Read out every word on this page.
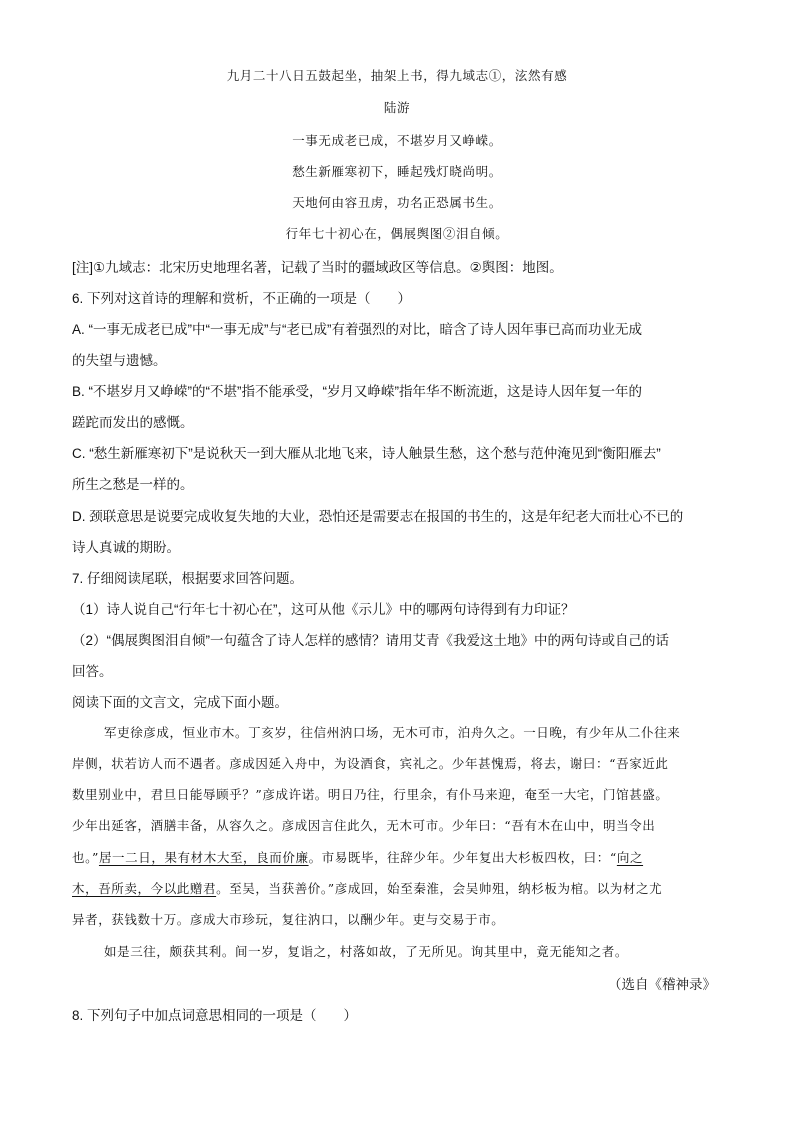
九月二十八日五鼓起坐，抽架上书，得九域志①，泫然有感
陆游
一事无成老已成，不堪岁月又峥嵘。
愁生新雁寒初下，睡起残灯晓尚明。
天地何由容丑虏，功名正恐属书生。
行年七十初心在，偶展舆图②泪自倾。
[注]①九域志：北宋历史地理名著，记载了当时的疆域政区等信息。②舆图：地图。
6. 下列对这首诗的理解和赏析，不正确的一项是（　　）
A. “一事无成老已成”中“一事无成”与“老已成”有着强烈的对比，暗含了诗人因年事已高而功业无成
的失望与遗憾。
B. “不堪岁月又峥嵘”的“不堪”指不能承受，“岁月又峥嵘”指年华不断流逝，这是诗人因年复一年的
蹉跎而发出的感慨。
C. “愁生新雁寒初下”是说秋天一到大雁从北地飞来，诗人触景生愁，这个愁与范仲淹见到“衡阳雁去”
所生之愁是一样的。
D. 颈联意思是说要完成收复失地的大业，恐怕还是需要志在报国的书生的，这是年纪老大而壮心不已的
诗人真诚的期盼。
7. 仔细阅读尾联，根据要求回答问题。
（1）诗人说自己“行年七十初心在”，这可从他《示儿》中的哪两句诗得到有力印证？
（2）“偶展舆图泪自倾”一句蕴含了诗人怎样的感情？请用艾青《我爱这土地》中的两句诗或自己的话
回答。
阅读下面的文言文，完成下面小题。
军吏徐彦成，恒业市木。丁亥岁，往信州汭口场，无木可市，泊舟久之。一日晚，有少年从二仆往来
岸侧，状若访人而不遇者。彦成因延入舟中，为设酒食，宾礼之。少年甚愧焉，将去，谢曰：“吾家近此
数里别业中，君旦日能辱顾乎？”彦成许诺。明日乃往，行里余，有仆马来迎，奄至一大宅，门馆甚盛。
少年出延客，酒膳丰备，从容久之。彦成因言住此久，无木可市。少年曰：“吾有木在山中，明当令出
也。”居一二日，果有材木大至，良而价廉。市易既毕，往辞少年。少年复出大杉板四枚，曰：“向之
木，吾所卖，今以此赠君。至吴，当获善价。”彦成回，始至秦淮，会吴帅殂，纳杉板为棺。以为材之尤
异者，获钱数十万。彦成大市珍玩，复往汭口，以酬少年。吏与交易于市。
如是三往，颇获其利。间一岁，复诣之，村落如故，了无所见。询其里中，竟无能知之者。
（选自《稽神录》
8. 下列句子中加点词意思相同的一项是（　　）
